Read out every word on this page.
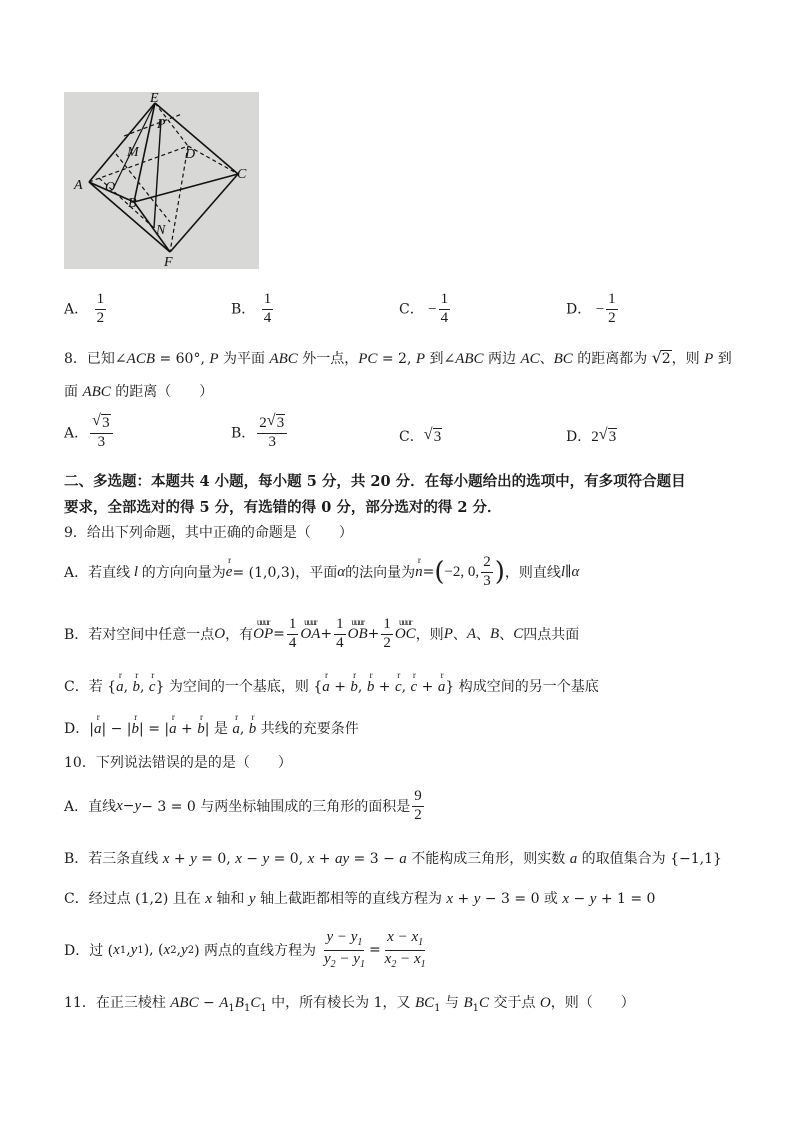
E
P
M	D
A Q
B
C
N
F
A． $\frac{1}{2}$	B． $\frac{1}{4}$	C． − $\frac{1}{4}$	D． − $\frac{1}{2}$
8．已知∠ACB = 60°, P 为平面 ABC 外一点，PC = 2, P 到∠ABC 两边 AC、BC 的距离都为 √ 2，则 P 到
面 ABC 的距离（　　）
A． $\frac{√ 3}{3}$	B． $\frac{2 √ 3}{3}$	C． √ 3	D．2 √ 3
二、多选题：本题共 4 小题，每小题 5 分，共 20 分．在每小题给出的选项中，有多项符合题目
要求，全部选对的得 5 分，有选错的得 0 分，部分选对的得 2 分．
9．给出下列命题，其中正确的命题是（　　）
A．若直线 l 的方向向量为 e
r
= (1,0,3)，平面 α 的法向量为 n
r
= ( −2, 0, $\frac{2}{3}$ ) ，则直线 l ∥ α
B．若对空间中任意一点 O ，有 OP
uuur
= $\frac{1}{4}$ OA
uuur
+ $\frac{1}{4}$ OB
uuur
+ $\frac{1}{2}$ OC
uuur
，则 P 、 A 、 B 、 C 四点共面
C．若 {a
r
, b
r
, c
r
} 为空间的一个基底，则 {a
r
+ b
r
, b
r
+ c
r
, c
r
+ a
r
} 构成空间的另一个基底
D．|a
r
| − |b
r
| = |a
r
+ b
r
| 是 a
r
, b
r
共线的充要条件
10．下列说法错误的是的是（　　）
A．直线 x − y − 3 = 0 与两坐标轴围成的三角形的面积是 $\frac{9}{2}$
B．若三条直线 x + y = 0, x − y = 0, x + ay = 3 − a 不能构成三角形，则实数 a 的取值集合为 {−1,1}
C．经过点 (1,2) 且在 x 轴和 y 轴上截距都相等的直线方程为 x + y − 3 = 0 或 x − y + 1 = 0
D．过 ( x 1 , y 1 ), ( x 2 , y 2 ) 两点的直线方程为 $\frac{y - y_1}{y_2 - y_1} = \frac{x - x_1}{x_2 - x_1}$
11．在正三棱柱 ABC − $A_1B_1C_1$ 中，所有棱长为 1，又 $BC_1$ 与 $B_1C$ 交于点 O，则（　　）
